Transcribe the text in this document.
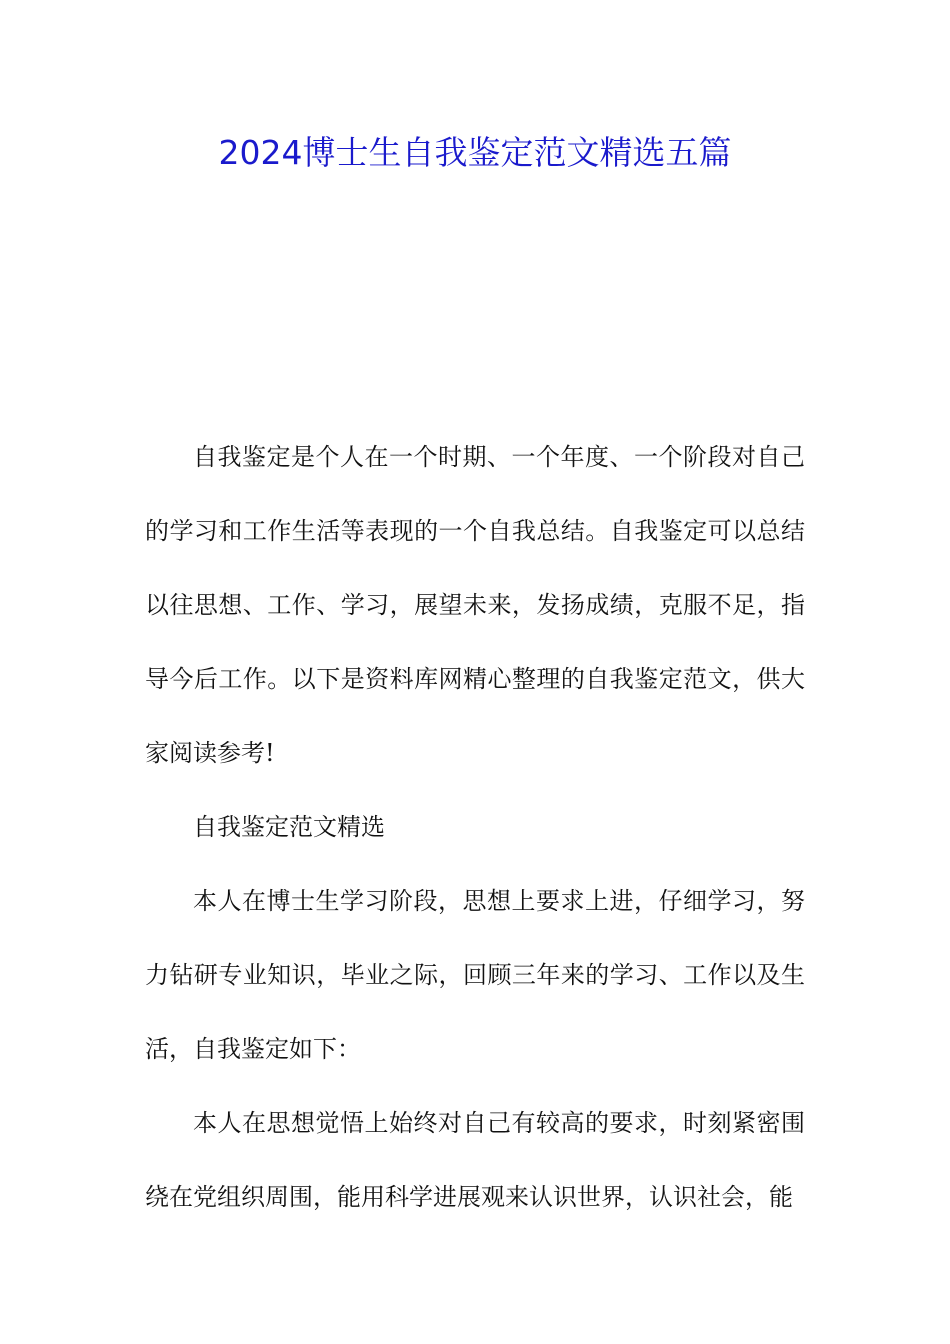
2024博士生自我鉴定范文精选五篇

自我鉴定是个人在一个时期、一个年度、一个阶段对自己的学习和工作生活等表现的一个自我总结。自我鉴定可以总结以往思想、工作、学习，展望未来，发扬成绩，克服不足，指导今后工作。以下是资料库网精心整理的自我鉴定范文，供大家阅读参考!

自我鉴定范文精选

本人在博士生学习阶段，思想上要求上进，仔细学习，努力钻研专业知识，毕业之际，回顾三年来的学习、工作以及生活，自我鉴定如下：

本人在思想觉悟上始终对自己有较高的要求，时刻紧密围绕在党组织周围，能用科学进展观来认识世界，认识社会，能
